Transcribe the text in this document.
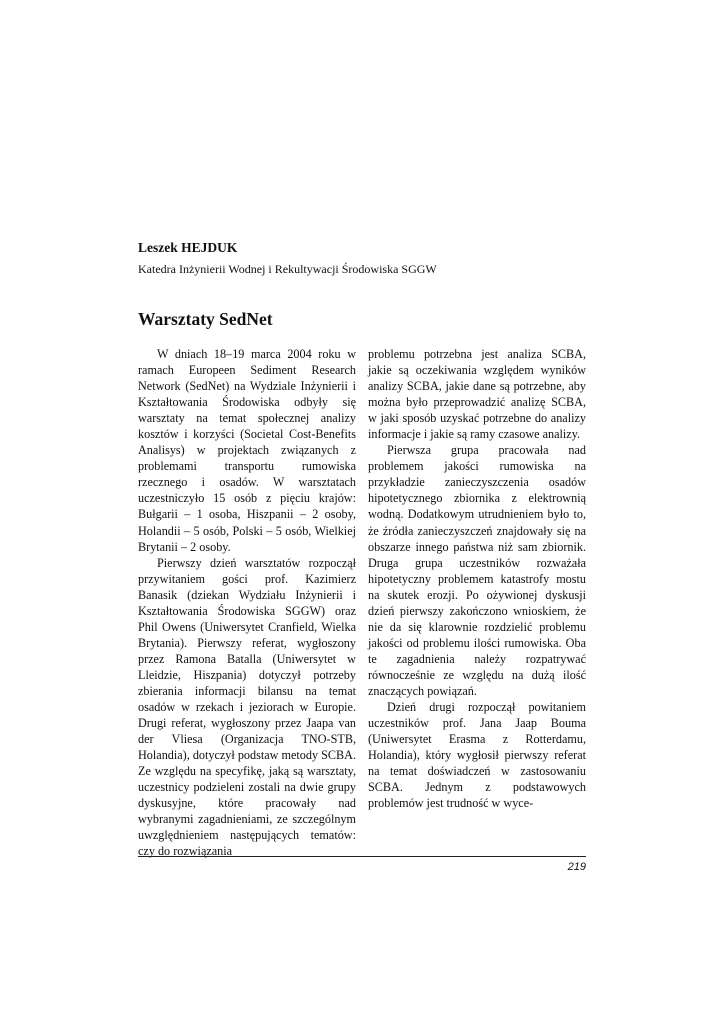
Leszek HEJDUK

Katedra Inżynierii Wodnej i Rekultywacji Środowiska SGGW

Warsztaty SedNet

W dniach 18–19 marca 2004 roku w ramach Europeen Sediment Research Network (SedNet) na Wydziale Inżynierii i Kształtowania Środowiska odbyły się warsztaty na temat społecznej analizy kosztów i korzyści (Societal Cost-Benefits Analisys) w projektach związanych z problemami transportu rumowiska rzecznego i osadów. W warsztatach uczestniczyło 15 osób z pięciu krajów: Bułgarii – 1 osoba, Hiszpanii – 2 osoby, Holandii – 5 osób, Polski – 5 osób, Wielkiej Brytanii – 2 osoby.

Pierwszy dzień warsztatów rozpoczął przywitaniem gości prof. Kazimierz Banasik (dziekan Wydziału Inżynierii i Kształtowania Środowiska SGGW) oraz Phil Owens (Uniwersytet Cranfield, Wielka Brytania). Pierwszy referat, wygłoszony przez Ramona Batalla (Uniwersytet w Lleidzie, Hiszpania) dotyczył potrzeby zbierania informacji bilansu na temat osadów w rzekach i jeziorach w Europie. Drugi referat, wygłoszony przez Jaapa van der Vliesa (Organizacja TNO-STB, Holandia), dotyczył podstaw metody SCBA. Ze względu na specyfikę, jaką są warsztaty, uczestnicy podzieleni zostali na dwie grupy dyskusyjne, które pracowały nad wybranymi zagadnieniami, ze szczególnym uwzględnieniem następujących tematów: czy do rozwiązania

problemu potrzebna jest analiza SCBA, jakie są oczekiwania względem wyników analizy SCBA, jakie dane są potrzebne, aby można było przeprowadzić analizę SCBA, w jaki sposób uzyskać potrzebne do analizy informacje i jakie są ramy czasowe analizy.

Pierwsza grupa pracowała nad problemem jakości rumowiska na przykładzie zanieczyszczenia osadów hipotetycznego zbiornika z elektrownią wodną. Dodatkowym utrudnieniem było to, że źródła zanieczyszczeń znajdowały się na obszarze innego państwa niż sam zbiornik. Druga grupa uczestników rozważała hipotetyczny problemem katastrofy mostu na skutek erozji. Po ożywionej dyskusji dzień pierwszy zakończono wnioskiem, że nie da się klarownie rozdzielić problemu jakości od problemu ilości rumowiska. Oba te zagadnienia należy rozpatrywać równocześnie ze względu na dużą ilość znaczących powiązań.

Dzień drugi rozpoczął powitaniem uczestników prof. Jana Jaap Bouma (Uniwersytet Erasma z Rotterdamu, Holandia), który wygłosił pierwszy referat na temat doświadczeń w zastosowaniu SCBA. Jednym z podstawowych problemów jest trudność w wyce-

219
